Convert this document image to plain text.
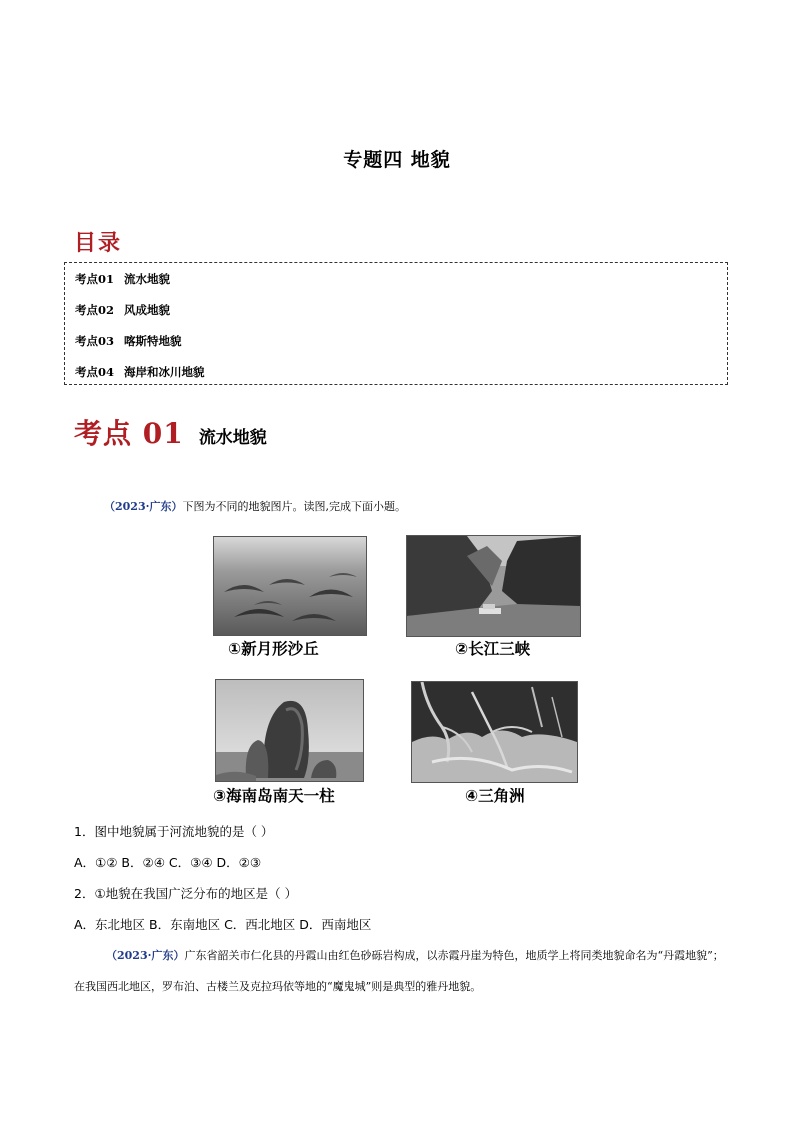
专题四 地貌
目录
考点01 流水地貌
考点02 风成地貌
考点03 喀斯特地貌
考点04 海岸和冰川地貌
考点 01 流水地貌
（2023·广东）下图为不同的地貌图片。读图,完成下面小题。
①新月形沙丘	②长江三峡
③海南岛南天一柱	④三角洲
1．图中地貌属于河流地貌的是（ ）
A．①② B．②④ C．③④ D．②③
2．①地貌在我国广泛分布的地区是（ ）
A．东北地区 B．东南地区 C．西北地区 D．西南地区
（2023·广东）广东省韶关市仁化县的丹霞山由红色砂砾岩构成，以赤霞丹崖为特色，地质学上将同类地貌命名为“丹霞地貌”；在我国西北地区，罗布泊、古楼兰及克拉玛依等地的“魔鬼城”则是典型的雅丹地貌。
